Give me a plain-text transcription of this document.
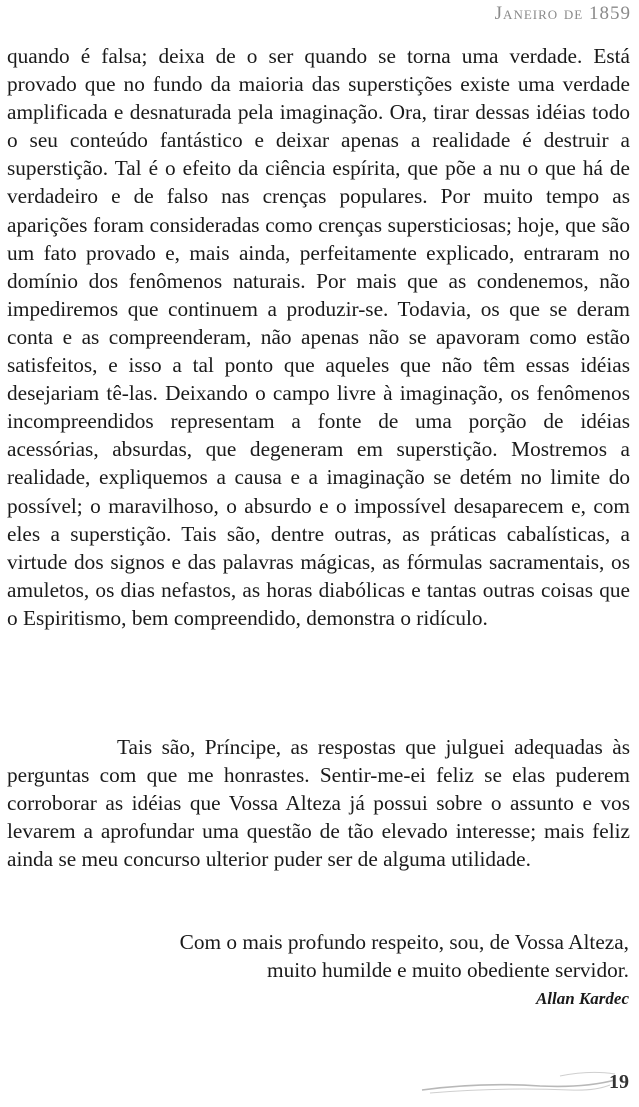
Janeiro de 1859
quando é falsa; deixa de o ser quando se torna uma verdade. Está provado que no fundo da maioria das superstições existe uma verdade amplificada e desnaturada pela imaginação. Ora, tirar dessas idéias todo o seu conteúdo fantástico e deixar apenas a realidade é destruir a superstição. Tal é o efeito da ciência espírita, que põe a nu o que há de verdadeiro e de falso nas crenças populares. Por muito tempo as aparições foram consideradas como crenças supersticiosas; hoje, que são um fato provado e, mais ainda, perfeitamente explicado, entraram no domínio dos fenômenos naturais. Por mais que as condenemos, não impediremos que continuem a produzir-se. Todavia, os que se deram conta e as compreenderam, não apenas não se apavoram como estão satisfeitos, e isso a tal ponto que aqueles que não têm essas idéias desejariam tê-las. Deixando o campo livre à imaginação, os fenômenos incompreendidos representam a fonte de uma porção de idéias acessórias, absurdas, que degeneram em superstição. Mostremos a realidade, expliquemos a causa e a imaginação se detém no limite do possível; o maravilhoso, o absurdo e o impossível desaparecem e, com eles a superstição. Tais são, dentre outras, as práticas cabalísticas, a virtude dos signos e das palavras mágicas, as fórmulas sacramentais, os amuletos, os dias nefastos, as horas diabólicas e tantas outras coisas que o Espiritismo, bem compreendido, demonstra o ridículo.
Tais são, Príncipe, as respostas que julguei adequadas às perguntas com que me honrastes. Sentir-me-ei feliz se elas puderem corroborar as idéias que Vossa Alteza já possui sobre o assunto e vos levarem a aprofundar uma questão de tão elevado interesse; mais feliz ainda se meu concurso ulterior puder ser de alguma utilidade.
Com o mais profundo respeito, sou, de Vossa Alteza,
muito humilde e muito obediente servidor.
Allan Kardec
19
